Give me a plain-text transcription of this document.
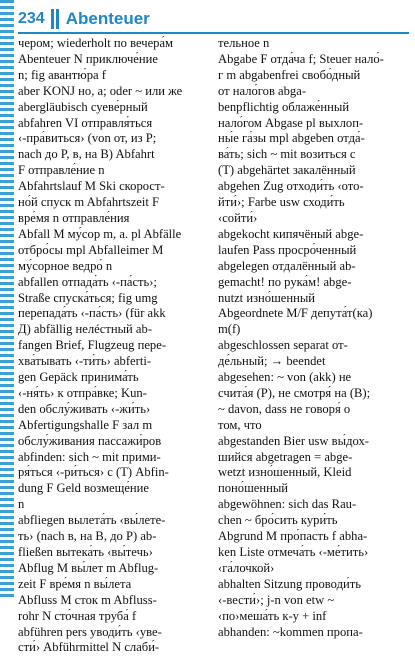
234 Abenteuer
чером; wiederholt по вечера́м
Abenteuer N приключе́ние
n; fig авантю́ра f
aber KONJ но, а; oder ~ или же
abergläubisch суеве́рный
abfahren VI отправля́ться
‹-пра́виться› (von от, из P;
nach до P, в, на B) Abfahrt
F отправле́ние n
Abfahrtslauf M Ski скорост-
но́й спуск m Abfahrtszeit F
вре́мя n отправле́ния
Abfall M му́сор m, a. pl Abfälle
отбро́сы mpl Abfalleimer M
му́сорное ведро́ n
abfallen отпада́ть ‹-па́сть›;
Straße спуска́ться; fig umg
перепада́ть ‹-па́сть› (für akk
Д) abfällig нелéстный ab-
fangen Brief, Flugzeug пере-
хва́тывать ‹-ти́ть› abferti-
gen Gepäck принима́ть
‹-ня́ть› к отпра́вке; Kun-
den обслу́живать ‹-жи́ть›
Abfertigungshalle F зал m
обслу́живания пассажи́ров
abfinden: sich ~ mit прими-
ря́ться ‹-ри́ться› с (T) Abfin-
dung F Geld возмеще́ние
n
abfliegen вылета́ть ‹вы́лете-
ть› (nach в, на B, до P) ab-
fließen вытека́ть ‹вы́течь›
Abflug M вы́лет m Abflug-
zeit F вре́мя n вы́лета
Abfluss M сток m Abfluss-
rohr N сто́чная труба́ f
abführen pers уводи́ть ‹уве-
сти́› Abführmittel N слаби́-
тельное n
Abgabe F отда́ча f; Steuer нало́-
г m abgabenfrei свобо́дный
от нало́гов abga-
benpflichtig облаже́нный
нало́гом Abgase pl выхлоп-
ны́е га́зы mpl abgeben отда́-
ва́ть; sich ~ mit возиться с
(T) abgehärtet закалённый
abgehen Zug отходи́ть ‹ото-
йти́›; Farbe usw сходи́ть
‹сойти́›
abgekocht кипячёный abge-
laufen Pass просро́ченный
abgelegen отдалённый ab-
gemacht! по рука́м! abge-
nutzt изно́шенный
Abgeordnete M/F депута́т(ка)
m(f)
abgeschlossen separat от-
де́льный; → beendet
abgesehen: ~ von (akk) не
счита́я (P), не смотря́ на (B);
~ davon, dass не говоря́ о
том, что
abgestanden Bier usw вы́дох-
шийся abgetragen = abge-
wetzt изно́шенный, Kleid
поно́шенный
abgewöhnen: sich das Rau-
chen ~ бро́сить кури́ть
Abgrund M про́пасть f abha-
ken Liste отмеча́ть ‹-ме́тить›
‹га́лочкой›
abhalten Sitzung проводи́ть
‹-вести́›; j-n von etw ~
‹по›меша́ть к-у + inf
abhanden: ~kommen пропа-
